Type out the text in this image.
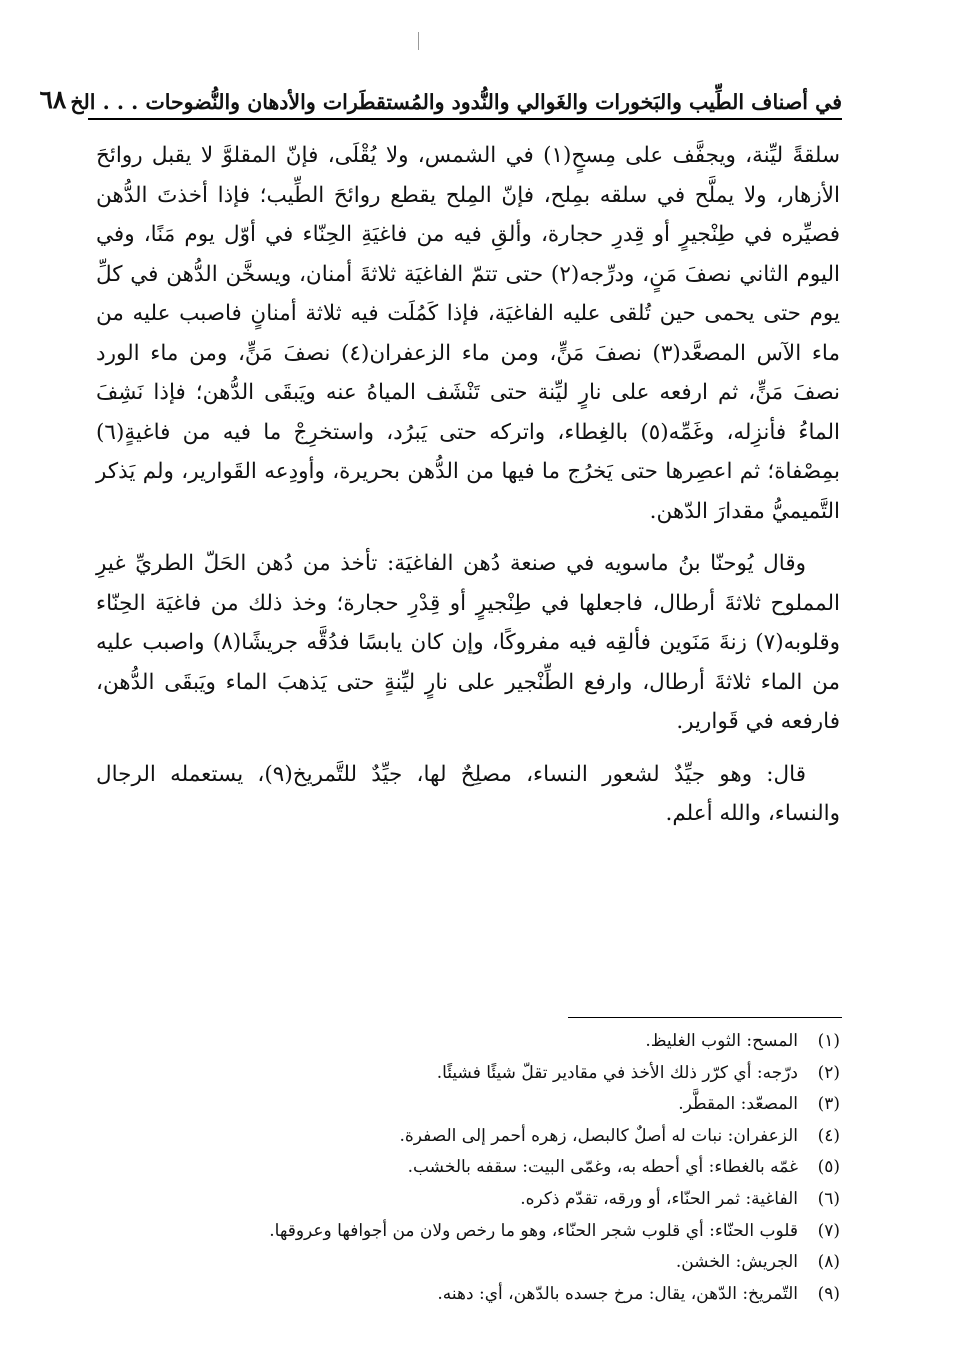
في أصناف الطِّيب والبَخورات والغَوالي والنُّدود والمُستقطَرات والأدهان والنُّضوحات . . . الخ
٦٨

سلقةً ليِّنة، ويجفَّف على مِسحٍ(١) في الشمس، ولا يُقْلَى، فإنّ المقلوَّ لا يقبل روائحَ الأزهار، ولا يملَّح في سلقه بمِلح، فإنّ المِلح يقطع روائحَ الطِّيب؛ فإذا أخذتَ الدُّهن فصيِّره في طِنْجيرٍ أو قِدرِ حجارة، وألقِ فيه من فاغيَةِ الحِنّاء في أوّل يوم مَنًا، وفي اليوم الثاني نصفَ مَنٍ، ودرِّجه(٢) حتى تتمّ الفاغيَة ثلاثةَ أمنان، ويسخَّن الدُّهن في كلِّ يوم حتى يحمى حين تُلقى عليه الفاغيَة، فإذا كَمُلَت فيه ثلاثة أمنانٍ فاصبب عليه من ماء الآس المصعَّد(٣) نصفَ مَنٍّ، ومن ماء الزعفران(٤) نصفَ مَنٍّ، ومن ماء الورد نصفَ مَنٍّ، ثم ارفعه على نارٍ ليِّنة حتى تَنْشَف المياهُ عنه ويَبقَى الدُّهن؛ فإذا نَشِفَ الماءُ فأنزِله، وغَمِّه(٥) بالغِطاء، واتركه حتى يَبرُد، واستخرِجْ ما فيه من فاغيةٍ(٦) بمِصْفاة؛ ثم اعصِرها حتى يَخرُج ما فيها من الدُّهن بحريرة، وأودِعه القَوارير، ولم يَذكر التَّميميُّ مقدارَ الدّهن.

وقال يُوحنّا بنُ ماسويه في صنعة دُهن الفاغيَة: تأخذ من دُهن الحَلّ الطريِّ غيرِ المملوح ثلاثةَ أرطال، فاجعلها في طِنْجيرٍ أو قِدْرِ حجارة؛ وخذ ذلك من فاغيَة الحِنّاء وقلوبه(٧) زنةَ مَنَوين فألقِه فيه مفروكًا، وإن كان يابسًا فدُقَّه جريشًا(٨) واصبب عليه من الماء ثلاثةَ أرطال، وارفع الطِّنْجير على نارٍ ليِّنةٍ حتى يَذهبَ الماء ويَبقَى الدُّهن، فارفعه في قَوارير.

قال: وهو جيِّدٌ لشعور النساء، مصلِحٌ لها، جيِّدٌ للتَّمريخ(٩)، يستعمله الرجال والنساء، والله أعلم.

(١)المسح: الثوب الغليظ.
(٢)درّجه: أي كرّر ذلك الأخذ في مقادير تقلّ شيئًا فشيئًا.
(٣)المصعّد: المقطَّر.
(٤)الزعفران: نبات له أصلٌ كالبصل، زهره أحمر إلى الصفرة.
(٥)غمّه بالغطاء: أي أحطه به، وغمّى البيت: سقفه بالخشب.
(٦)الفاغية: ثمر الحنّاء، أو ورقه، تقدّم ذكره.
(٧)قلوب الحنّاء: أي قلوب شجر الحنّاء، وهو ما رخص ولان من أجوافها وعروقها.
(٨)الجريش: الخشن.
(٩)التّمريخ: الدّهن، يقال: مرخ جسده بالدّهن، أي: دهنه.
